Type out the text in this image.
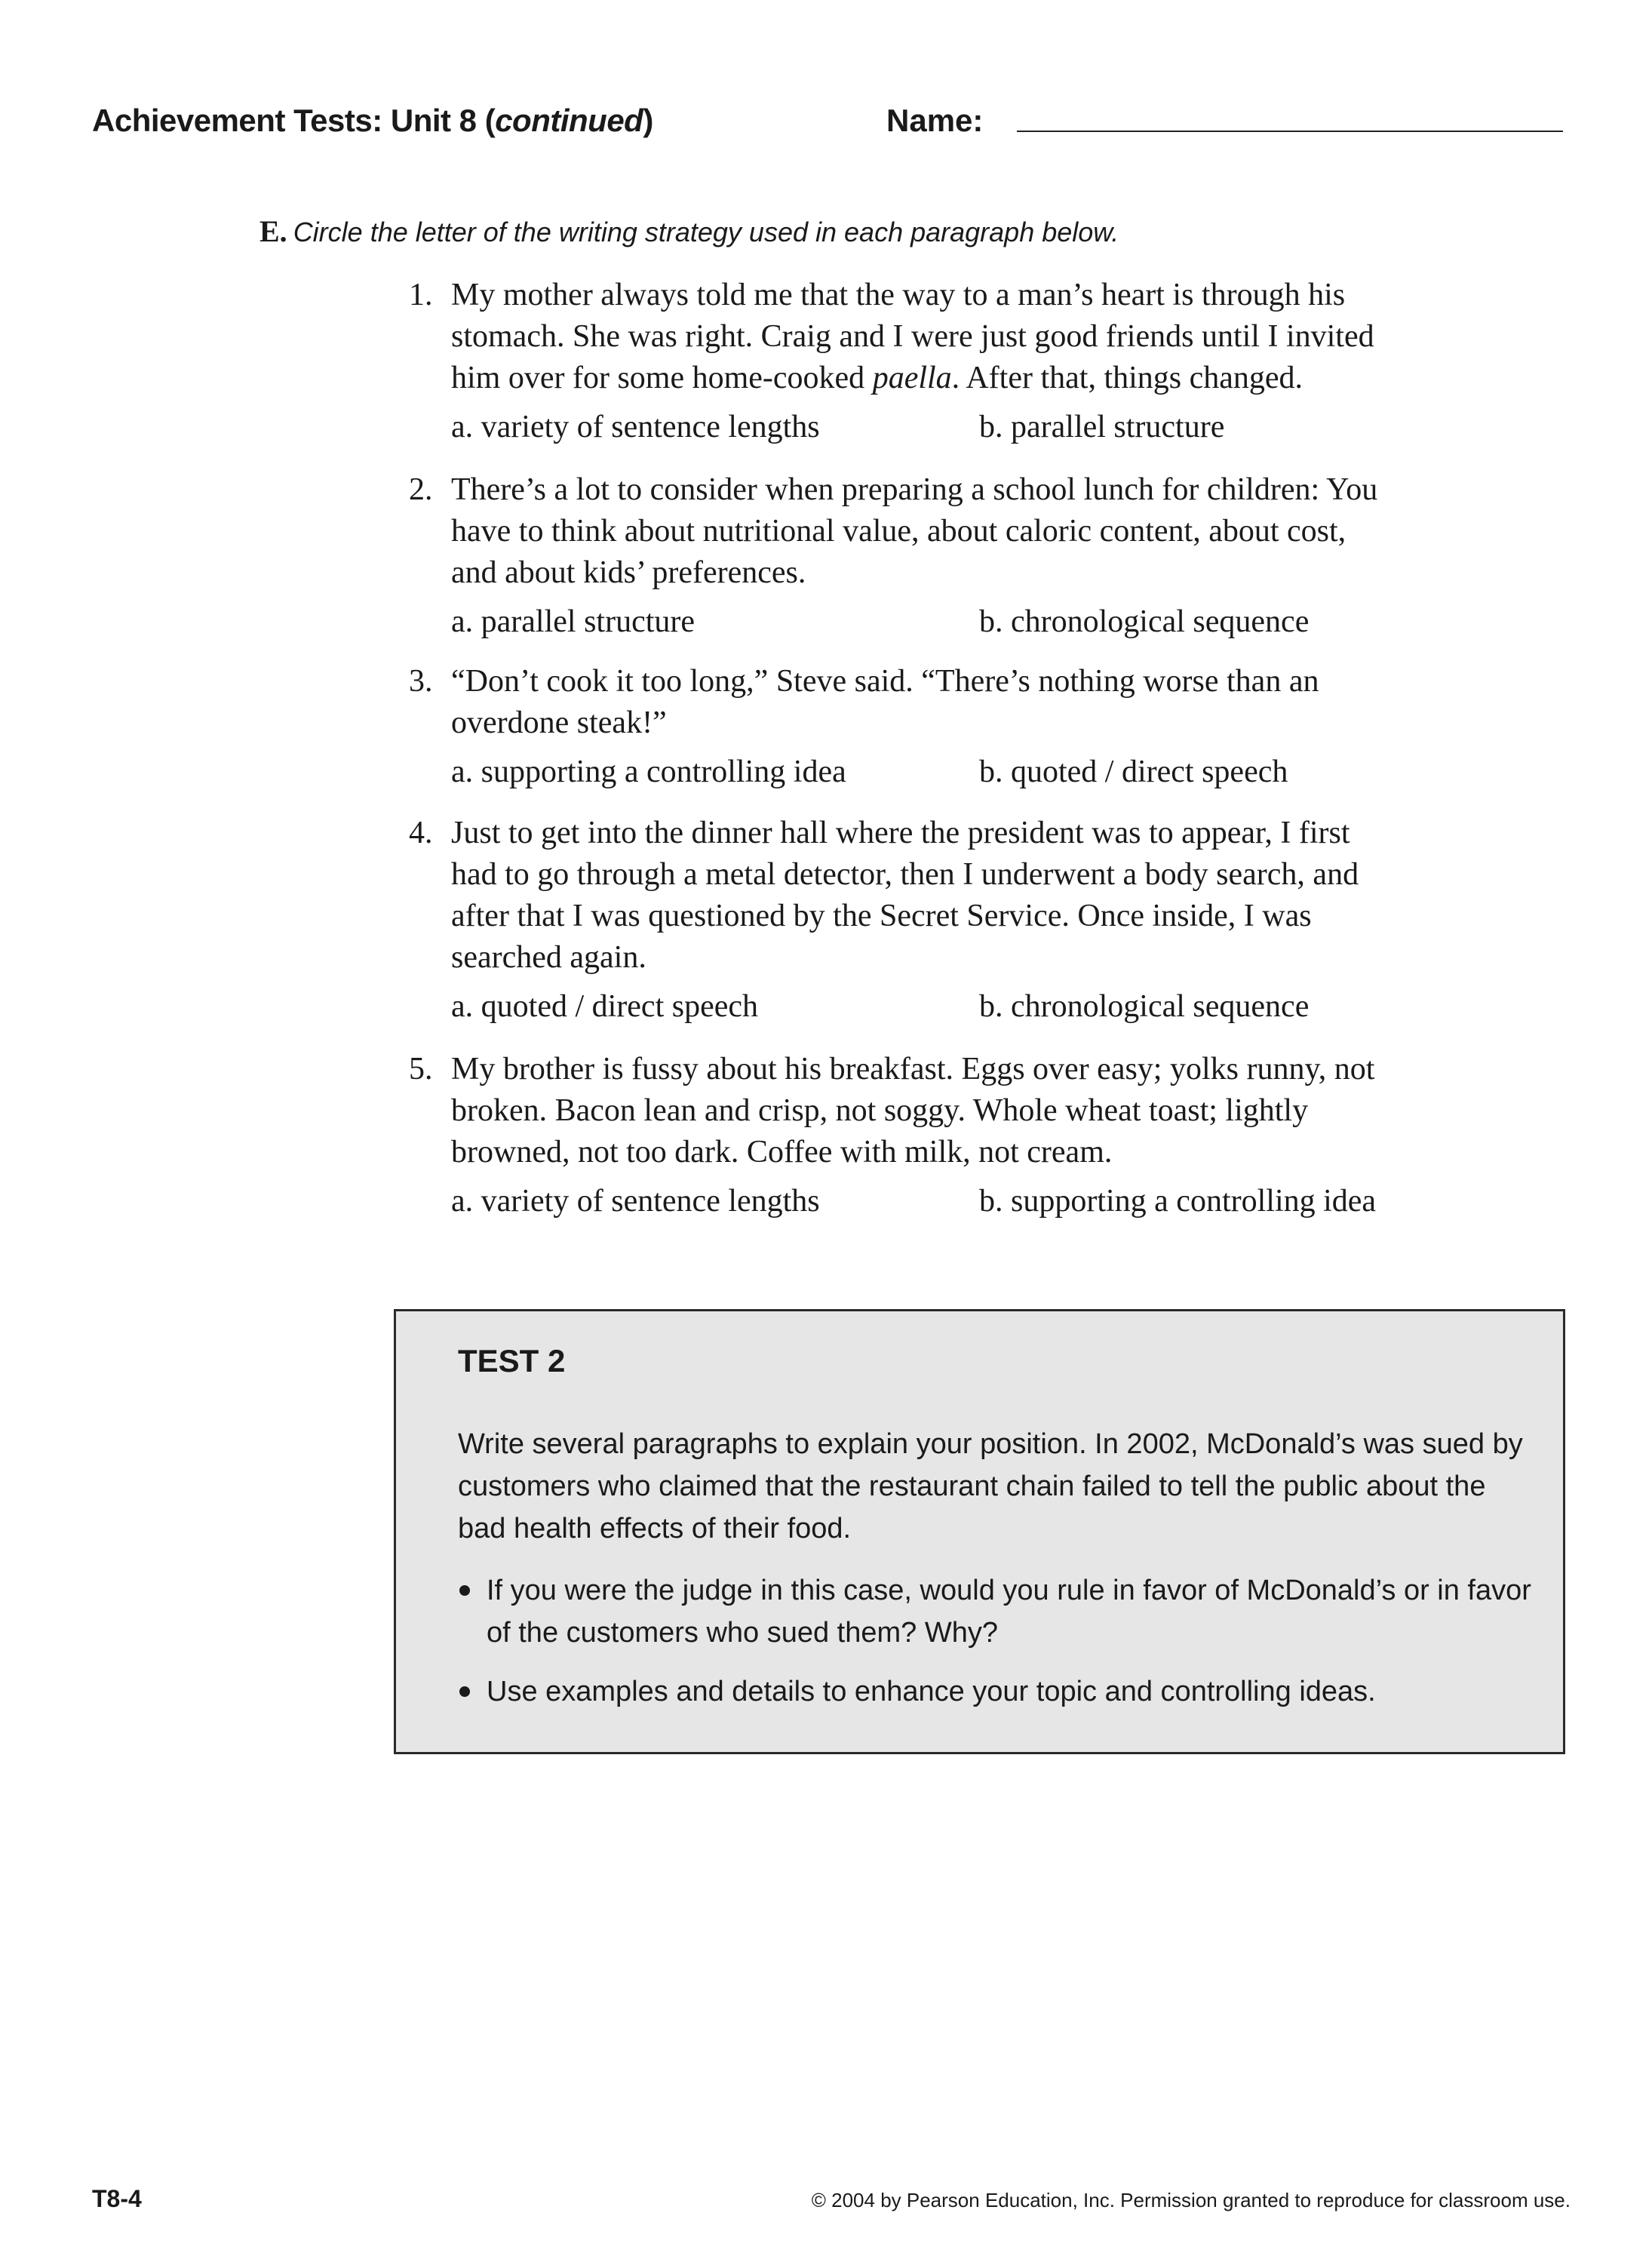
Achievement Tests: Unit 8 (continued)	Name:
E. Circle the letter of the writing strategy used in each paragraph below.
1. My mother always told me that the way to a man’s heart is through his
stomach. She was right. Craig and I were just good friends until I invited
him over for some home-cooked paella. After that, things changed.
a. variety of sentence lengths	b. parallel structure
2. There’s a lot to consider when preparing a school lunch for children: You
have to think about nutritional value, about caloric content, about cost,
and about kids’ preferences.
a. parallel structure	b. chronological sequence
3. “Don’t cook it too long,” Steve said. “There’s nothing worse than an
overdone steak!”
a. supporting a controlling idea	b. quoted / direct speech
4. Just to get into the dinner hall where the president was to appear, I first
had to go through a metal detector, then I underwent a body search, and
after that I was questioned by the Secret Service. Once inside, I was
searched again.
a. quoted / direct speech	b. chronological sequence
5. My brother is fussy about his breakfast. Eggs over easy; yolks runny, not
broken. Bacon lean and crisp, not soggy. Whole wheat toast; lightly
browned, not too dark. Coffee with milk, not cream.
a. variety of sentence lengths	b. supporting a controlling idea
TEST 2
Write several paragraphs to explain your position. In 2002, McDonald’s was sued by customers who claimed that the restaurant chain failed to tell the public about the bad health effects of their food.
If you were the judge in this case, would you rule in favor of McDonald’s or in favor of the customers who sued them? Why?
Use examples and details to enhance your topic and controlling ideas.
T8-4	© 2004 by Pearson Education, Inc. Permission granted to reproduce for classroom use.
